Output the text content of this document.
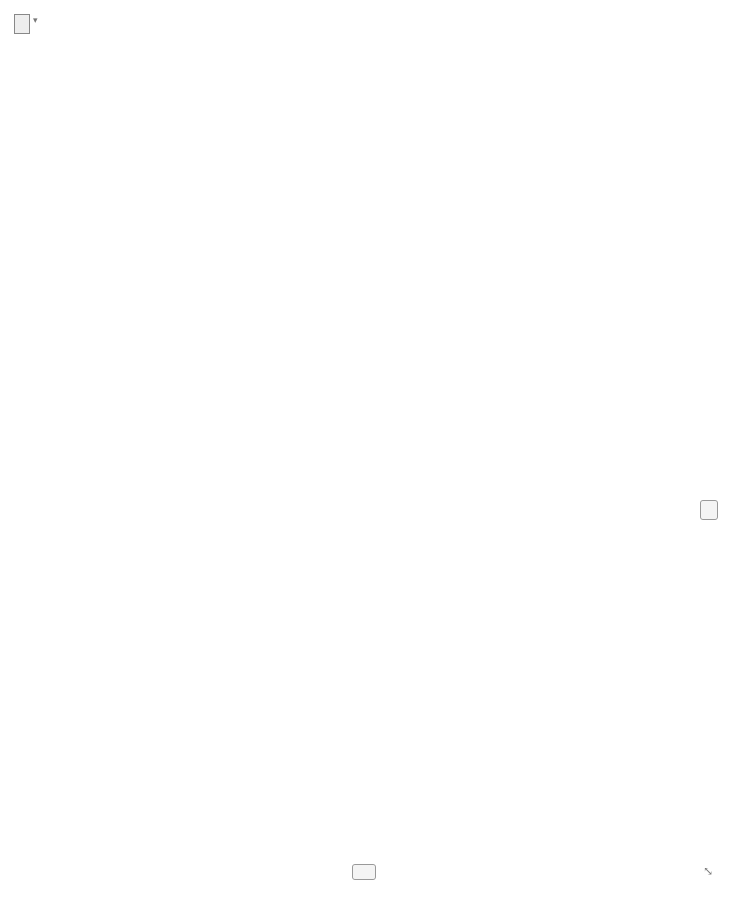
▾
⤡
